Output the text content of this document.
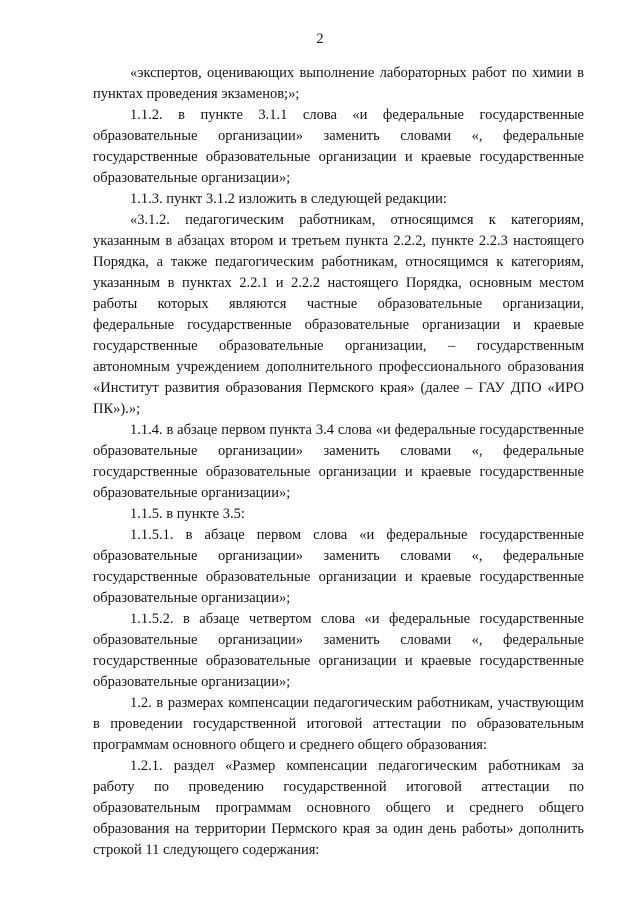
2

«экспертов, оценивающих выполнение лабораторных работ по химии в пунктах проведения экзаменов;»;

1.1.2. в пункте 3.1.1 слова «и федеральные государственные образовательные организации» заменить словами «, федеральные государственные образовательные организации и краевые государственные образовательные организации»;

1.1.3. пункт 3.1.2 изложить в следующей редакции:

«3.1.2. педагогическим работникам, относящимся к категориям, указанным в абзацах втором и третьем пункта 2.2.2, пункте 2.2.3 настоящего Порядка, а также педагогическим работникам, относящимся к категориям, указанным в пунктах 2.2.1 и 2.2.2 настоящего Порядка, основным местом работы которых являются частные образовательные организации, федеральные государственные образовательные организации и краевые государственные образовательные организации, – государственным автономным учреждением дополнительного профессионального образования «Институт развития образования Пермского края» (далее – ГАУ ДПО «ИРО ПК»).»;

1.1.4. в абзаце первом пункта 3.4 слова «и федеральные государственные образовательные организации» заменить словами «, федеральные государственные образовательные организации и краевые государственные образовательные организации»;

1.1.5. в пункте 3.5:

1.1.5.1. в абзаце первом слова «и федеральные государственные образовательные организации» заменить словами «, федеральные государственные образовательные организации и краевые государственные образовательные организации»;

1.1.5.2. в абзаце четвертом слова «и федеральные государственные образовательные организации» заменить словами «, федеральные государственные образовательные организации и краевые государственные образовательные организации»;

1.2. в размерах компенсации педагогическим работникам, участвующим в проведении государственной итоговой аттестации по образовательным программам основного общего и среднего общего образования:

1.2.1. раздел «Размер компенсации педагогическим работникам за работу по проведению государственной итоговой аттестации по образовательным программам основного общего и среднего общего образования на территории Пермского края за один день работы» дополнить строкой 11 следующего содержания:
